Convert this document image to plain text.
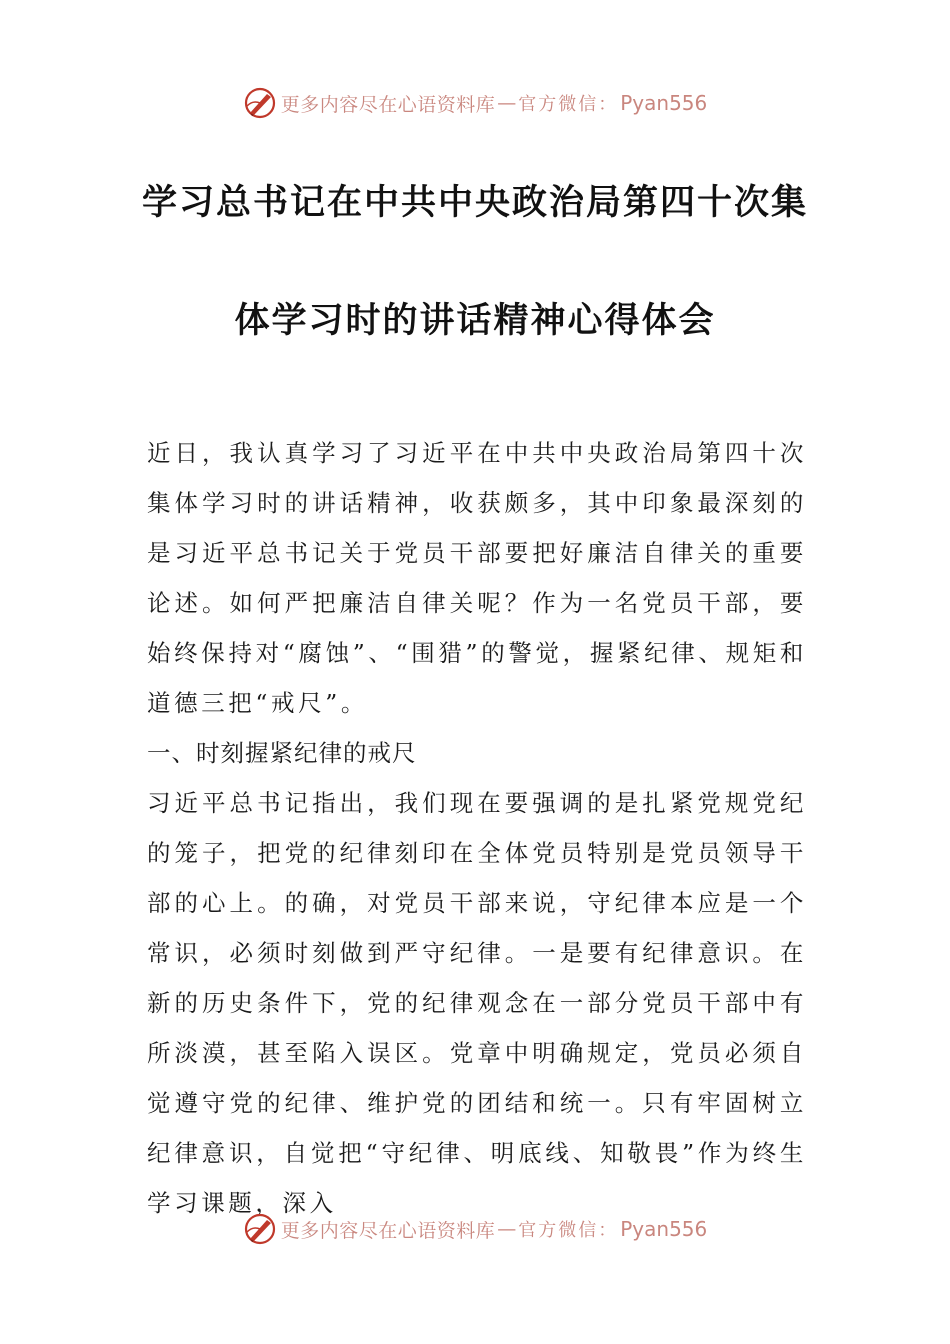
更多内容尽在心语资料库 — 官方微信： Pyan556
学习总书记在中共中央政治局第四十次集
体学习时的讲话精神心得体会

近日，我认真学习了习近平在中共中央政治局第四十次集体学习时的讲话精神，收获颇多，其中印象最深刻的是习近平总书记关于党员干部要把好廉洁自律关的重要论述。如何严把廉洁自律关呢？作为一名党员干部，要始终保持对“腐蚀”、“围猎”的警觉，握紧纪律、规矩和道德三把“戒尺”。

一、时刻握紧纪律的戒尺

习近平总书记指出，我们现在要强调的是扎紧党规党纪的笼子，把党的纪律刻印在全体党员特别是党员领导干部的心上。的确，对党员干部来说，守纪律本应是一个常识，必须时刻做到严守纪律。一是要有纪律意识。在新的历史条件下，党的纪律观念在一部分党员干部中有所淡漠，甚至陷入误区。党章中明确规定，党员必须自觉遵守党的纪律、维护党的团结和统一。只有牢固树立纪律意识，自觉把“守纪律、明底线、知敬畏”作为终生学习课题，深入

更多内容尽在心语资料库 — 官方微信： Pyan556
